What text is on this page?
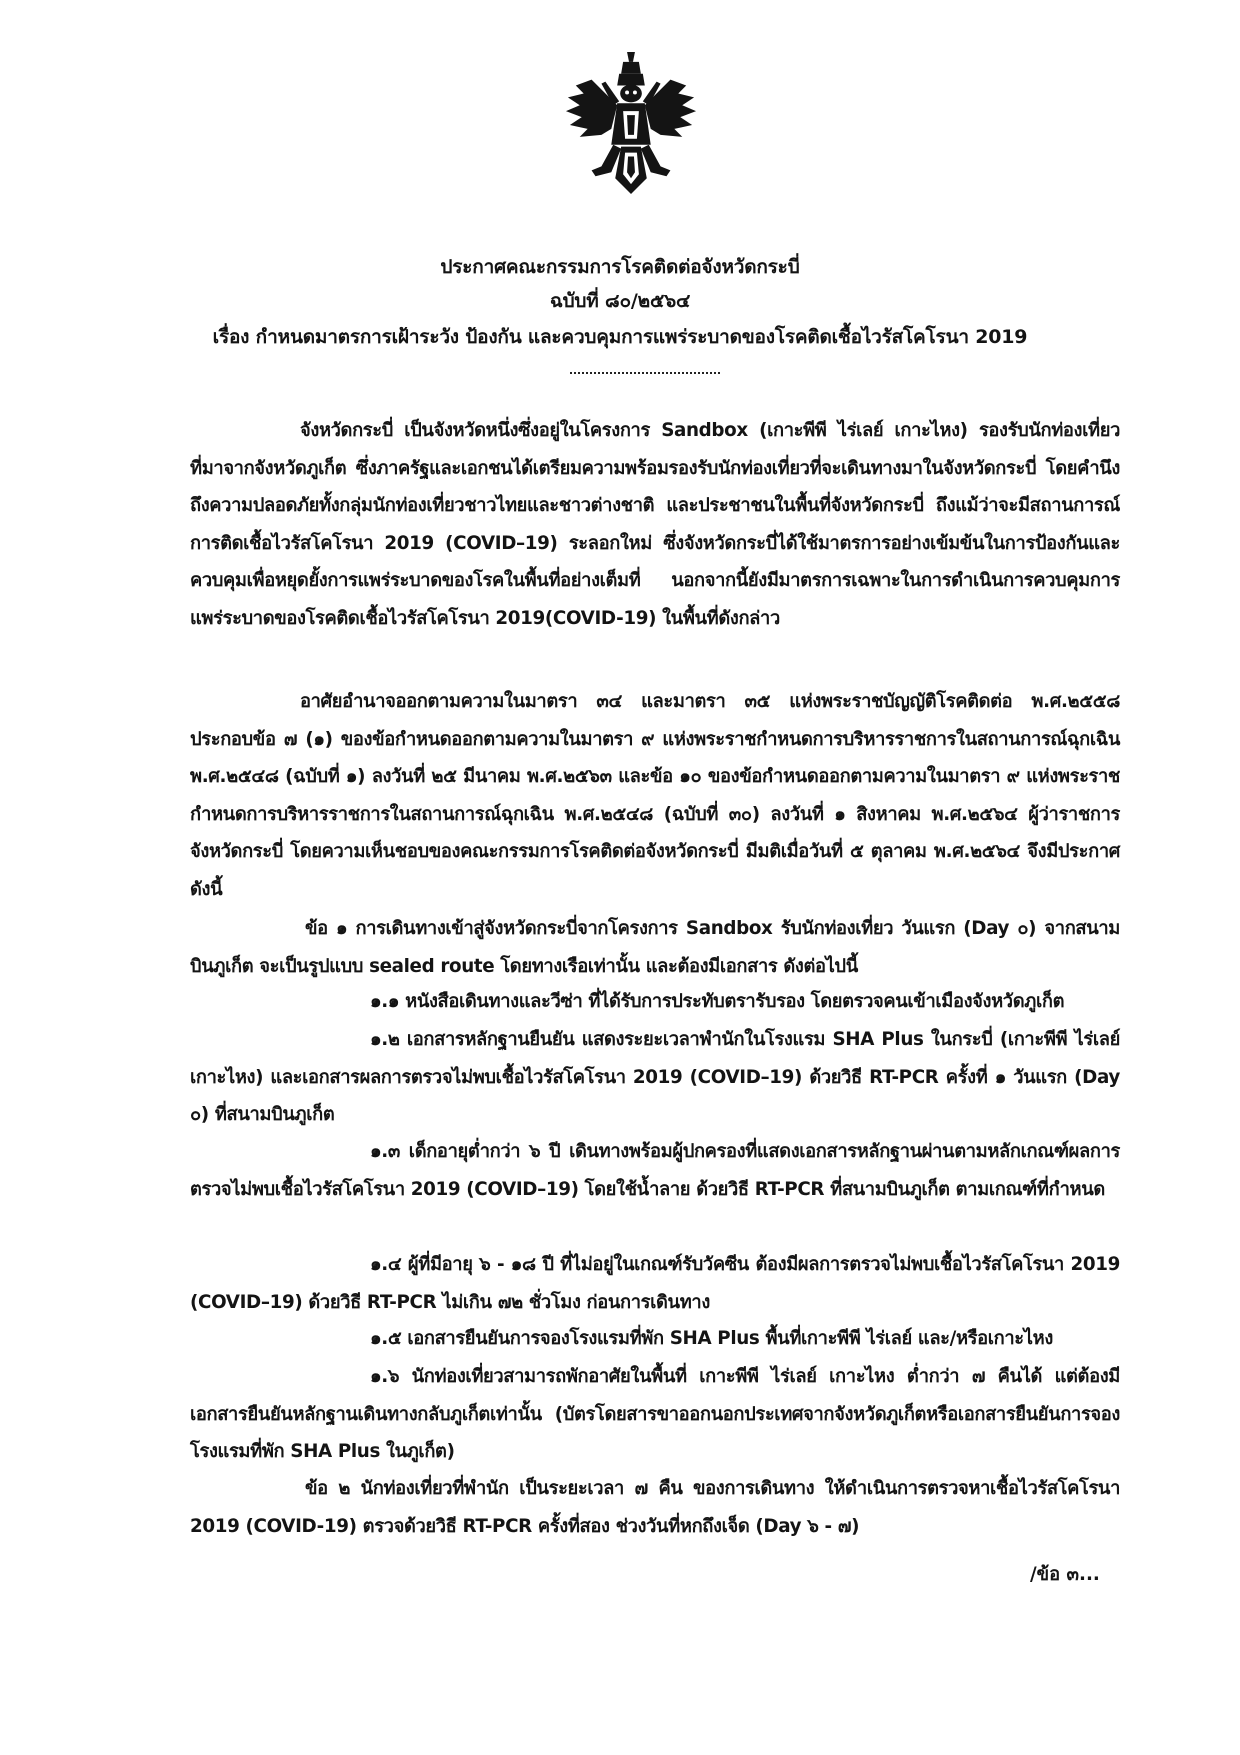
ประกาศคณะกรรมการโรคติดต่อจังหวัดกระบี่
ฉบับที่ ๘๐/๒๕๖๔
เรื่อง กำหนดมาตรการเฝ้าระวัง ป้องกัน และควบคุมการแพร่ระบาดของโรคติดเชื้อไวรัสโคโรนา 2019
จังหวัดกระบี่ เป็นจังหวัดหนึ่งซึ่งอยู่ในโครงการ Sandbox (เกาะพีพี ไร่เลย์ เกาะไหง) รองรับนักท่องเที่ยวที่มาจากจังหวัดภูเก็ต ซึ่งภาครัฐและเอกชนได้เตรียมความพร้อมรองรับนักท่องเที่ยวที่จะเดินทางมาในจังหวัดกระบี่ โดยคำนึงถึงความปลอดภัยทั้งกลุ่มนักท่องเที่ยวชาวไทยและชาวต่างชาติ และประชาชนในพื้นที่จังหวัดกระบี่ ถึงแม้ว่าจะมีสถานการณ์การติดเชื้อไวรัสโคโรนา 2019 (COVID–19) ระลอกใหม่ ซึ่งจังหวัดกระบี่ได้ใช้มาตรการอย่างเข้มข้นในการป้องกันและควบคุมเพื่อหยุดยั้งการแพร่ระบาดของโรคในพื้นที่อย่างเต็มที่ นอกจากนี้ยังมีมาตรการเฉพาะในการดำเนินการควบคุมการแพร่ระบาดของโรคติดเชื้อไวรัสโคโรนา 2019(COVID-19) ในพื้นที่ดังกล่าว
อาศัยอำนาจออกตามความในมาตรา ๓๔ และมาตรา ๓๕ แห่งพระราชบัญญัติโรคติดต่อ พ.ศ.๒๕๕๘ ประกอบข้อ ๗ (๑) ของข้อกำหนดออกตามความในมาตรา ๙ แห่งพระราชกำหนดการบริหารราชการในสถานการณ์ฉุกเฉิน พ.ศ.๒๕๔๘ (ฉบับที่ ๑) ลงวันที่ ๒๕ มีนาคม พ.ศ.๒๕๖๓ และข้อ ๑๐ ของข้อกำหนดออกตามความในมาตรา ๙ แห่งพระราชกำหนดการบริหารราชการในสถานการณ์ฉุกเฉิน พ.ศ.๒๕๔๘ (ฉบับที่ ๓๐) ลงวันที่ ๑ สิงหาคม พ.ศ.๒๕๖๔ ผู้ว่าราชการจังหวัดกระบี่ โดยความเห็นชอบของคณะกรรมการโรคติดต่อจังหวัดกระบี่ มีมติเมื่อวันที่ ๕ ตุลาคม พ.ศ.๒๕๖๔ จึงมีประกาศ ดังนี้
ข้อ ๑ การเดินทางเข้าสู่จังหวัดกระบี่จากโครงการ Sandbox รับนักท่องเที่ยว วันแรก (Day ๐) จากสนามบินภูเก็ต จะเป็นรูปแบบ sealed route โดยทางเรือเท่านั้น และต้องมีเอกสาร ดังต่อไปนี้
๑.๑ หนังสือเดินทางและวีซ่า ที่ได้รับการประทับตรารับรอง โดยตรวจคนเข้าเมืองจังหวัดภูเก็ต
๑.๒ เอกสารหลักฐานยืนยัน แสดงระยะเวลาพำนักในโรงแรม SHA Plus ในกระบี่ (เกาะพีพี ไร่เลย์ เกาะไหง) และเอกสารผลการตรวจไม่พบเชื้อไวรัสโคโรนา 2019 (COVID–19) ด้วยวิธี RT-PCR ครั้งที่ ๑ วันแรก (Day ๐) ที่สนามบินภูเก็ต
๑.๓ เด็กอายุต่ำกว่า ๖ ปี เดินทางพร้อมผู้ปกครองที่แสดงเอกสารหลักฐานผ่านตามหลักเกณฑ์ผลการตรวจไม่พบเชื้อไวรัสโคโรนา 2019 (COVID–19) โดยใช้น้ำลาย ด้วยวิธี RT-PCR ที่สนามบินภูเก็ต ตามเกณฑ์ที่กำหนด
๑.๔ ผู้ที่มีอายุ ๖ - ๑๘ ปี ที่ไม่อยู่ในเกณฑ์รับวัคซีน ต้องมีผลการตรวจไม่พบเชื้อไวรัสโคโรนา 2019 (COVID–19) ด้วยวิธี RT-PCR ไม่เกิน ๗๒ ชั่วโมง ก่อนการเดินทาง
๑.๕ เอกสารยืนยันการจองโรงแรมที่พัก SHA Plus พื้นที่เกาะพีพี ไร่เลย์ และ/หรือเกาะไหง
๑.๖ นักท่องเที่ยวสามารถพักอาศัยในพื้นที่ เกาะพีพี ไร่เลย์ เกาะไหง ต่ำกว่า ๗ คืนได้ แต่ต้องมีเอกสารยืนยันหลักฐานเดินทางกลับภูเก็ตเท่านั้น (บัตรโดยสารขาออกนอกประเทศจากจังหวัดภูเก็ตหรือเอกสารยืนยันการจองโรงแรมที่พัก SHA Plus ในภูเก็ต)
ข้อ ๒ นักท่องเที่ยวที่พำนัก เป็นระยะเวลา ๗ คืน ของการเดินทาง ให้ดำเนินการตรวจหาเชื้อไวรัสโคโรนา 2019 (COVID-19) ตรวจด้วยวิธี RT-PCR ครั้งที่สอง ช่วงวันที่หกถึงเจ็ด (Day ๖ - ๗)
/ข้อ ๓...
